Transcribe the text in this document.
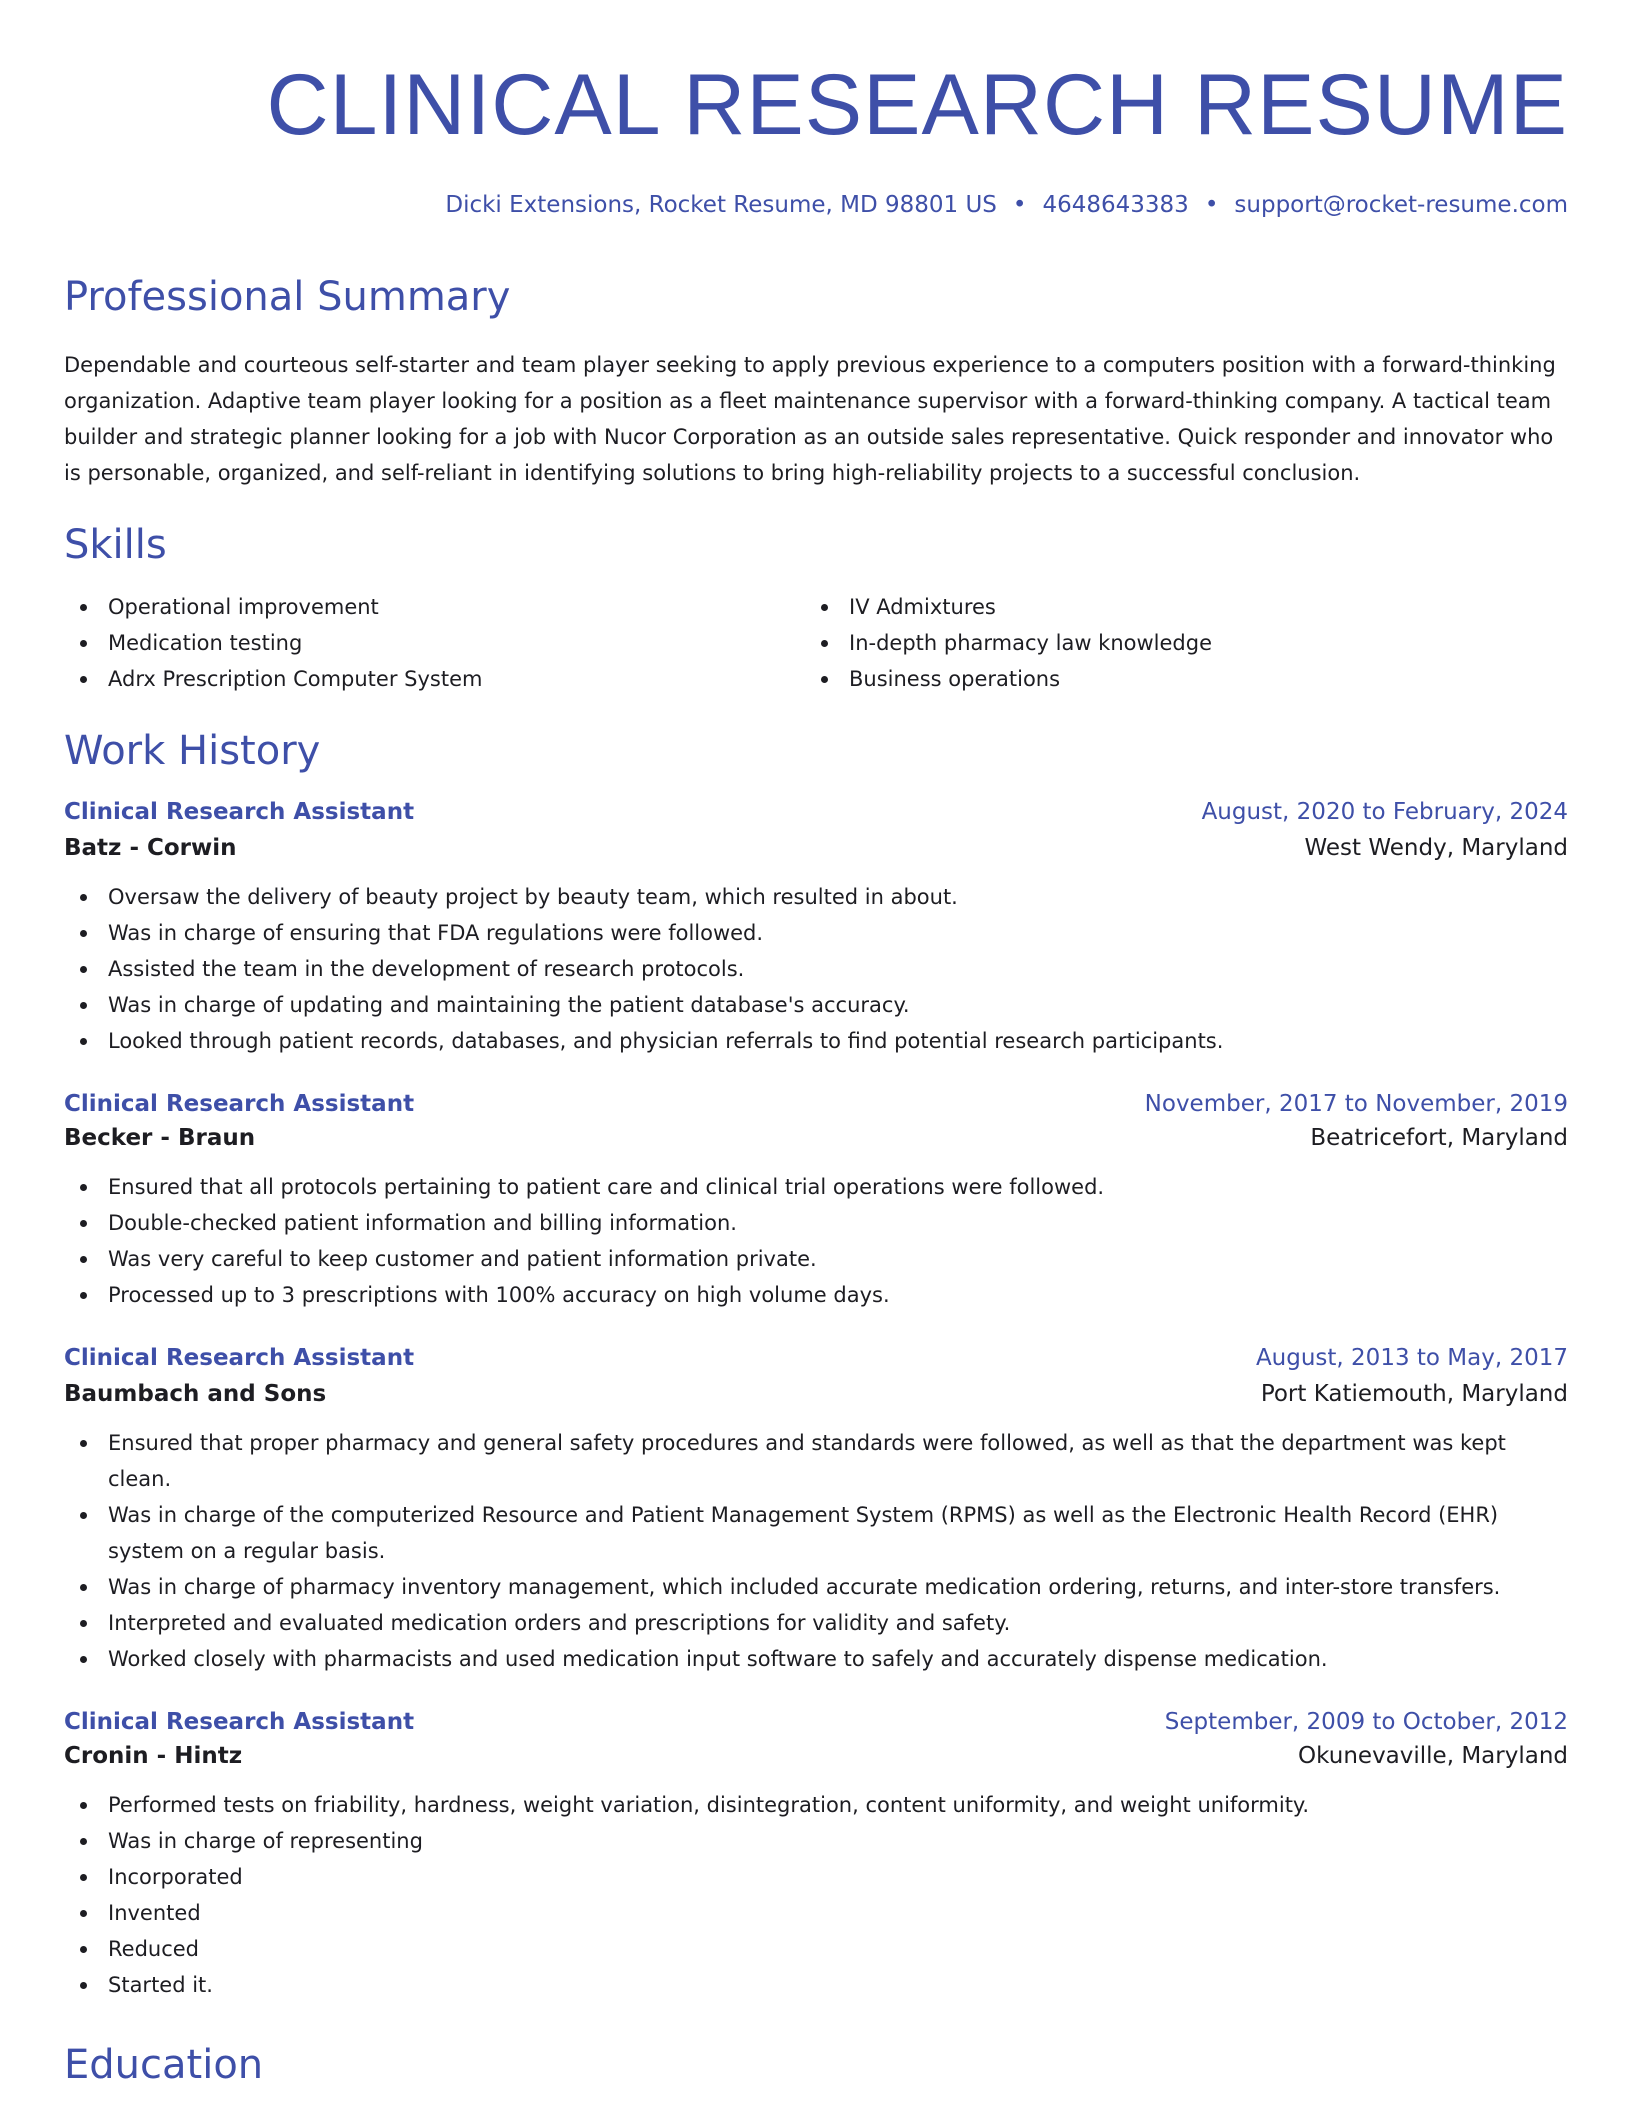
CLINICAL RESEARCH RESUME
Dicki Extensions, Rocket Resume, MD 98801 US • 4648643383 • support@rocket-resume.com
Professional Summary

Dependable and courteous self-starter and team player seeking to apply previous experience to a computers position with a forward-thinking organization. Adaptive team player looking for a position as a fleet maintenance supervisor with a forward-thinking company. A tactical team builder and strategic planner looking for a job with Nucor Corporation as an outside sales representative. Quick responder and innovator who is personable, organized, and self-reliant in identifying solutions to bring high-reliability projects to a successful conclusion.

Skills
Operational improvement
Medication testing
Adrx Prescription Computer System
IV Admixtures
In-depth pharmacy law knowledge
Business operations
Work History
Clinical Research Assistant	August, 2020 to February, 2024
Batz - Corwin	West Wendy, Maryland
Oversaw the delivery of beauty project by beauty team, which resulted in about.
Was in charge of ensuring that FDA regulations were followed.
Assisted the team in the development of research protocols.
Was in charge of updating and maintaining the patient database's accuracy.
Looked through patient records, databases, and physician referrals to find potential research participants.
Clinical Research Assistant	November, 2017 to November, 2019
Becker - Braun	Beatricefort, Maryland
Ensured that all protocols pertaining to patient care and clinical trial operations were followed.
Double-checked patient information and billing information.
Was very careful to keep customer and patient information private.
Processed up to 3 prescriptions with 100% accuracy on high volume days.
Clinical Research Assistant	August, 2013 to May, 2017
Baumbach and Sons	Port Katiemouth, Maryland
Ensured that proper pharmacy and general safety procedures and standards were followed, as well as that the department was kept clean.
Was in charge of the computerized Resource and Patient Management System (RPMS) as well as the Electronic Health Record (EHR) system on a regular basis.
Was in charge of pharmacy inventory management, which included accurate medication ordering, returns, and inter-store transfers.
Interpreted and evaluated medication orders and prescriptions for validity and safety.
Worked closely with pharmacists and used medication input software to safely and accurately dispense medication.
Clinical Research Assistant	September, 2009 to October, 2012
Cronin - Hintz	Okunevaville, Maryland
Performed tests on friability, hardness, weight variation, disintegration, content uniformity, and weight uniformity.
Was in charge of representing
Incorporated
Invented
Reduced
Started it.
Education
